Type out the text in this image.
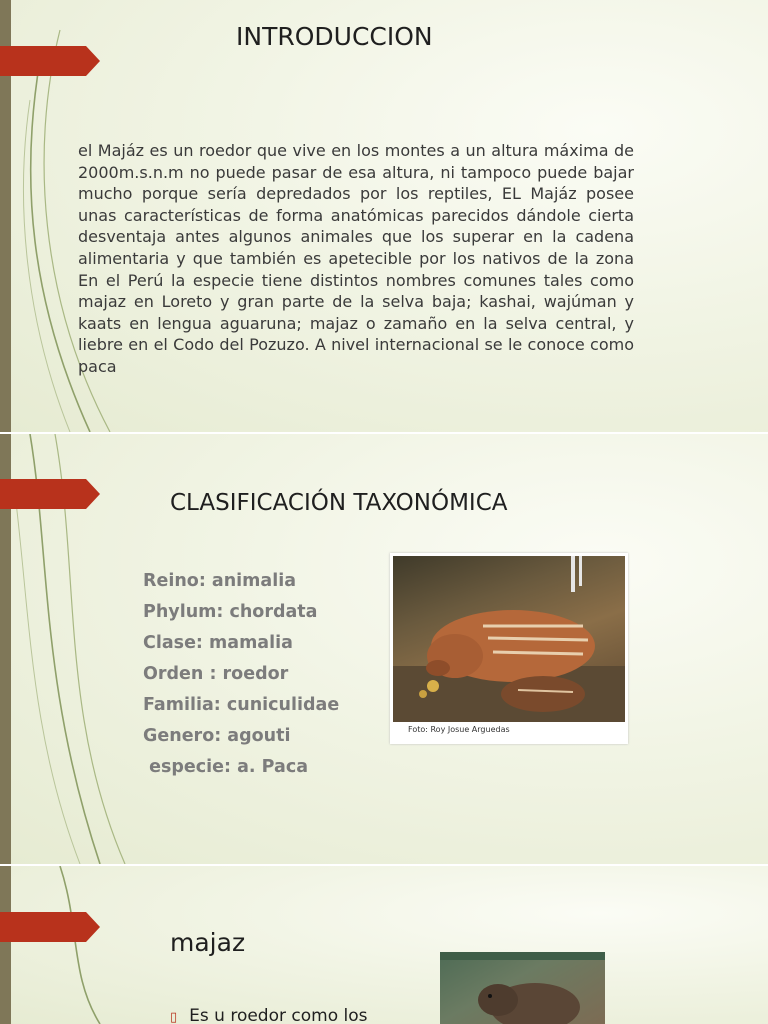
INTRODUCCION

el Majáz es un roedor que vive en los montes a un altura máxima de 2000m.s.n.m no puede pasar de esa altura, ni tampoco puede bajar mucho porque sería depredados por los reptiles, EL Majáz posee unas características de forma anatómicas parecidos dándole cierta desventaja antes algunos animales que los superar en la cadena alimentaria y que también es apetecible por los nativos de la zona En el Perú la especie tiene distintos nombres comunes tales como majaz en Loreto y gran parte de la selva baja; kashai, wajúman y kaats en lengua aguaruna; majaz o zamaño en la selva central, y liebre en el Codo del Pozuzo. A nivel internacional se le conoce como paca

CLASIFICACIÓN TAXONÓMICA
Reino: animalia
Phylum: chordata
Clase: mamalia
Orden : roedor
Familia: cuniculidae
Genero: agouti
especie: a. Paca
Foto: Roy Josue Arguedas
majaz
▯ Es u roedor como los
